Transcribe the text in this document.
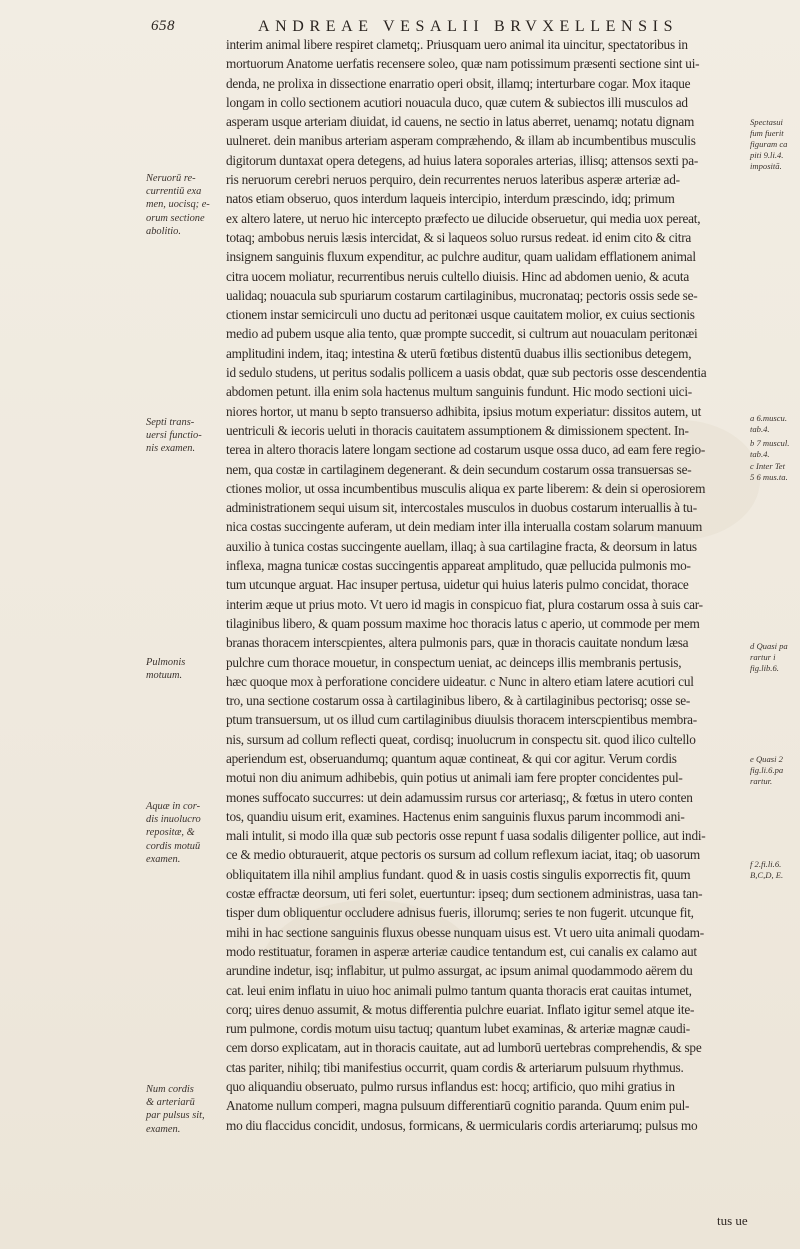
658	ANDREAE VESALII BRVXELLENSIS
interim animal libere respiret clametq;. Priusquam uero animal ita uincitur, spectatoribus in
mortuorum Anatome uerfatis recensere soleo, quæ nam potissimum præsenti sectione sint ui-
denda, ne prolixa in dissectione enarratio operi obsit, illamq; interturbare cogar. Mox itaque
longam in collo sectionem acutiori nouacula duco, quæ cutem & subiectos illi musculos ad
asperam usque arteriam diuidat, id cauens, ne sectio in latus aberret, uenamq; notatu dignam
uulneret. dein manibus arteriam asperam compræhendo, & illam ab incumbentibus musculis
digitorum duntaxat opera detegens, ad huius latera soporales arterias, illisq; attensos sexti pa-
ris neruorum cerebri neruos perquiro, dein recurrentes neruos lateribus asperæ arteriæ ad-
natos etiam obseruo, quos interdum laqueis intercipio, interdum præscindo, idq; primum
ex altero latere, ut neruo hic intercepto præfecto ue dilucide obseruetur, qui media uox pereat,
totaq; ambobus neruis læsis intercidat, & si laqueos soluo rursus redeat. id enim cito & citra
insignem sanguinis fluxum expenditur, ac pulchre auditur, quam ualidam efflationem animal
citra uocem moliatur, recurrentibus neruis cultello diuisis. Hinc ad abdomen uenio, & acuta
ualidaq; nouacula sub spuriarum costarum cartilaginibus, mucronataq; pectoris ossis sede se-
ctionem instar semicirculi uno ductu ad peritonæi usque cauitatem molior, ex cuius sectionis
medio ad pubem usque alia tento, quæ prompte succedit, si cultrum aut nouaculam peritonæi
amplitudini indem, itaq; intestina & uterū fœtibus distentū duabus illis sectionibus detegem,
id sedulo studens, ut peritus sodalis pollicem a uasis obdat, quæ sub pectoris osse descendentia
abdomen petunt. illa enim sola hactenus multum sanguinis fundunt. Hic modo sectioni uici-
niores hortor, ut manu b septo transuerso adhibita, ipsius motum experiatur: dissitos autem, ut
uentriculi & iecoris ueluti in thoracis cauitatem assumptionem & dimissionem spectent. In-
terea in altero thoracis latere longam sectione ad costarum usque ossa duco, ad eam fere regio-
nem, qua costæ in cartilaginem degenerant. & dein secundum costarum ossa transuersas se-
ctiones molior, ut ossa incumbentibus musculis aliqua ex parte liberem: & dein si operosiorem
administrationem sequi uisum sit, intercostales musculos in duobus costarum interuallis à tu-
nica costas succingente auferam, ut dein mediam inter illa interualla costam solarum manuum
auxilio à tunica costas succingente auellam, illaq; à sua cartilagine fracta, & deorsum in latus
inflexa, magna tunicæ costas succingentis appareat amplitudo, quæ pellucida pulmonis mo-
tum utcunque arguat. Hac insuper pertusa, uidetur qui huius lateris pulmo concidat, thorace
interim æque ut prius moto. Vt uero id magis in conspicuo fiat, plura costarum ossa à suis car-
tilaginibus libero, & quam possum maxime hoc thoracis latus c aperio, ut commode per mem
branas thoracem interscpientes, altera pulmonis pars, quæ in thoracis cauitate nondum læsa
pulchre cum thorace mouetur, in conspectum ueniat, ac deinceps illis membranis pertusis,
hæc quoque mox à perforatione concidere uideatur. c Nunc in altero etiam latere acutiori cul
tro, una sectione costarum ossa à cartilaginibus libero, & à cartilaginibus pectorisq; osse se-
ptum transuersum, ut os illud cum cartilaginibus diuulsis thoracem interscpientibus membra-
nis, sursum ad collum reflecti queat, cordisq; inuolucrum in conspectu sit. quod ilico cultello
aperiendum est, obseruandumq; quantum aquæ contineat, & qui cor agitur. Verum cordis
motui non diu animum adhibebis, quin potius ut animali iam fere propter concidentes pul-
mones suffocato succurres: ut dein adamussim rursus cor arteriasq;, & fœtus in utero conten
tos, quandiu uisum erit, examines. Hactenus enim sanguinis fluxus parum incommodi ani-
mali intulit, si modo illa quæ sub pectoris osse repunt f uasa sodalis diligenter pollice, aut indi-
ce & medio obturauerit, atque pectoris os sursum ad collum reflexum iaciat, itaq; ob uasorum
obliquitatem illa nihil amplius fundant. quod & in uasis costis singulis exporrectis fit, quum
costæ effractæ deorsum, uti feri solet, euertuntur: ipseq; dum sectionem administras, uasa tan-
tisper dum obliquentur occludere adnisus fueris, illorumq; series te non fugerit. utcunque fit,
mihi in hac sectione sanguinis fluxus obesse nunquam uisus est. Vt uero uita animali quodam-
modo restituatur, foramen in asperæ arteriæ caudice tentandum est, cui canalis ex calamo aut
arundine indetur, isq; inflabitur, ut pulmo assurgat, ac ipsum animal quodammodo aërem du
cat. leui enim inflatu in uiuo hoc animali pulmo tantum quanta thoracis erat cauitas intumet,
corq; uires denuo assumit, & motus differentia pulchre euariat. Inflato igitur semel atque ite-
rum pulmone, cordis motum uisu tactuq; quantum lubet examinas, & arteriæ magnæ caudi-
cem dorso explicatam, aut in thoracis cauitate, aut ad lumborū uertebras comprehendis, & spe
ctas pariter, nihilq; tibi manifestius occurrit, quam cordis & arteriarum pulsuum rhythmus.
quo aliquandiu obseruato, pulmo rursus inflandus est: hocq; artificio, quo mihi gratius in
Anatome nullum comperi, magna pulsuum differentiarū cognitio paranda. Quum enim pul-
mo diu flaccidus concidit, undosus, formicans, & uermicularis cordis arteriarumq; pulsus mo
Neruorū re-
currentiū exa
men, uocisq; e-
orum sectione
abolitio.
Septi trans-
uersi functio-
nis examen.
Pulmonis
motuum.
Aquæ in cor-
dis inuolucro
repositæ, &
cordis motuū
examen.
Num cordis
& arteriarū
par pulsus sit,
examen.
Spectasui
fum fuerit
figuram ca
piti 9.li.4.
impositā.
a 6.muscu.
tab.4.
b 7 muscul.
tab.4.
c Inter Tet
5 6 mus.ta.
d Quasi pa
rartur i
fig.lib.6.
e Quasi 2
fig.li.6.pa
rartur.
f 2.fi.li.6.
B,C,D, E.
tus ue
